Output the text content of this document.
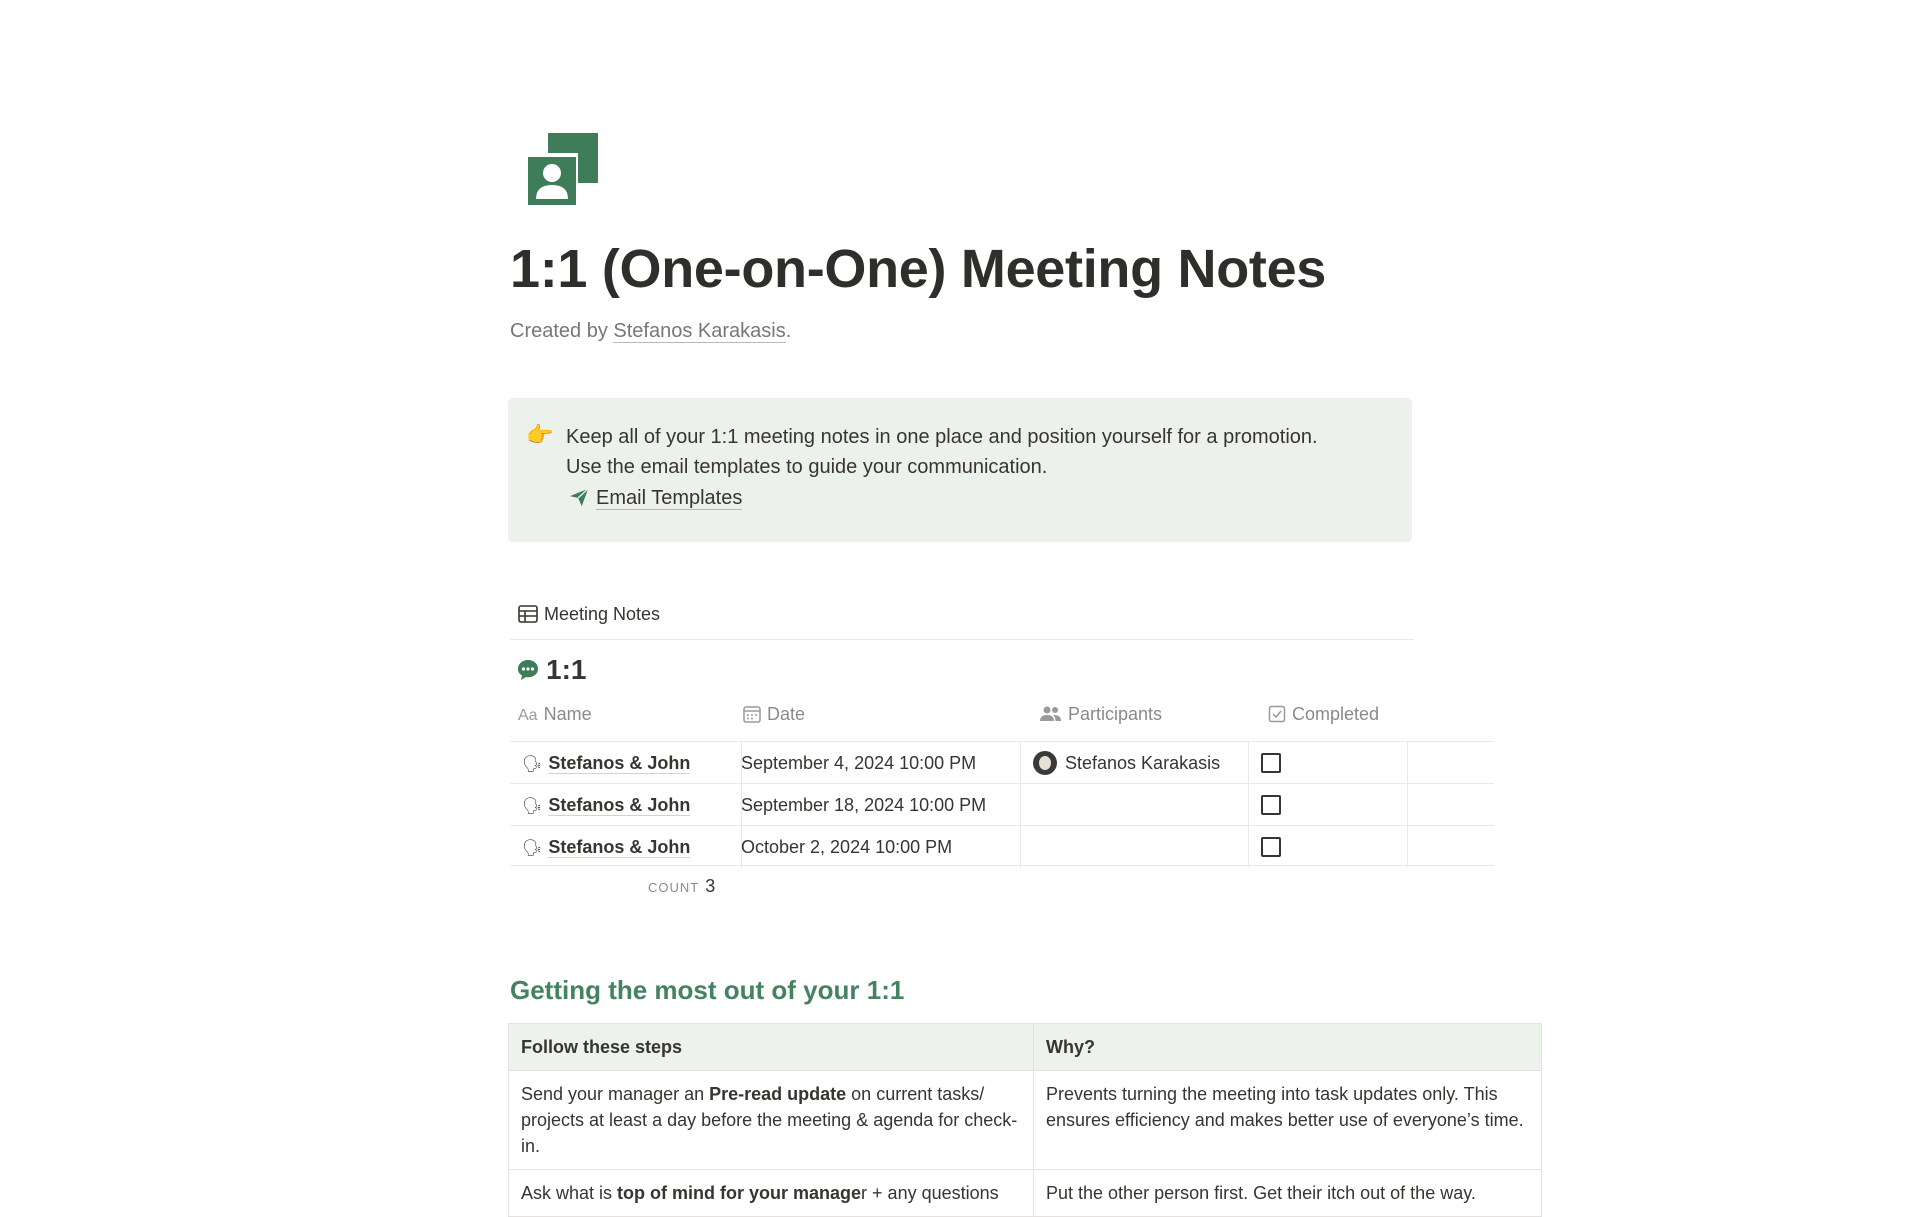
1:1 (One-on-One) Meeting Notes
Created by Stefanos Karakasis.
👉 Keep all of your 1:1 meeting notes in one place and position yourself for a promotion.
Use the email templates to guide your communication.
Email Templates
Meeting Notes
1:1
Aa Name	Date	Participants	Completed
🗣 Stefanos & John	September 4, 2024 10:00 PM	Stefanos Karakasis
🗣 Stefanos & John	September 18, 2024 10:00 PM
🗣 Stefanos & John	October 2, 2024 10:00 PM
COUNT 3
Getting the most out of your 1:1
Follow these steps	Why?
Send your manager an Pre-read update on current tasks/ projects at least a day before the meeting & agenda for check-in.	Prevents turning the meeting into task updates only. This ensures efficiency and makes better use of everyone’s time.
Ask what is top of mind for your manager + any questions	Put the other person first. Get their itch out of the way.
